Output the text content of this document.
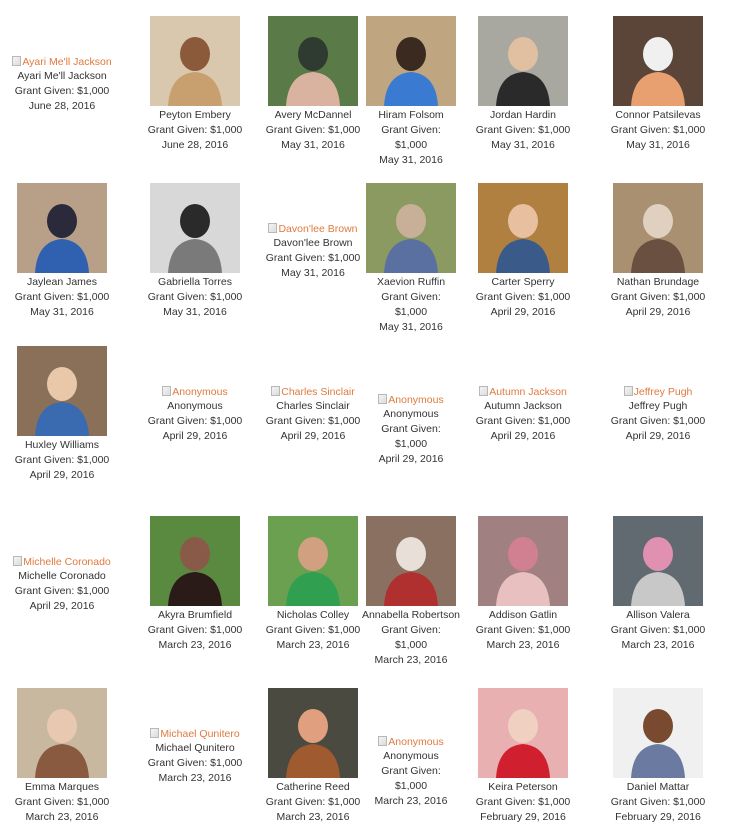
Ayari Me'll Jackson
Ayari Me'll Jackson
Grant Given: $1,000
June 28, 2016
Peyton Embery
Grant Given: $1,000
June 28, 2016
Avery McDannel
Grant Given: $1,000
May 31, 2016
Hiram Folsom
Grant Given: $1,000
May 31, 2016
Jordan Hardin
Grant Given: $1,000
May 31, 2016
Connor Patsilevas
Grant Given: $1,000
May 31, 2016
Jaylean James
Grant Given: $1,000
May 31, 2016
Gabriella Torres
Grant Given: $1,000
May 31, 2016
Davon'lee Brown
Davon'lee Brown
Grant Given: $1,000
May 31, 2016
Xaevion Ruffin
Grant Given: $1,000
May 31, 2016
Carter Sperry
Grant Given: $1,000
April 29, 2016
Nathan Brundage
Grant Given: $1,000
April 29, 2016
Huxley Williams
Grant Given: $1,000
April 29, 2016
Anonymous
Anonymous
Grant Given: $1,000
April 29, 2016
Charles Sinclair
Charles Sinclair
Grant Given: $1,000
April 29, 2016
Anonymous
Anonymous
Grant Given: $1,000
April 29, 2016
Autumn Jackson
Autumn Jackson
Grant Given: $1,000
April 29, 2016
Jeffrey Pugh
Jeffrey Pugh
Grant Given: $1,000
April 29, 2016
Michelle Coronado
Michelle Coronado
Grant Given: $1,000
April 29, 2016
Akyra Brumfield
Grant Given: $1,000
March 23, 2016
Nicholas Colley
Grant Given: $1,000
March 23, 2016
Annabella Robertson
Grant Given: $1,000
March 23, 2016
Addison Gatlin
Grant Given: $1,000
March 23, 2016
Allison Valera
Grant Given: $1,000
March 23, 2016
Emma Marques
Grant Given: $1,000
March 23, 2016
Michael Qunitero
Michael Qunitero
Grant Given: $1,000
March 23, 2016
Catherine Reed
Grant Given: $1,000
March 23, 2016
Anonymous
Anonymous
Grant Given: $1,000
March 23, 2016
Keira Peterson
Grant Given: $1,000
February 29, 2016
Daniel Mattar
Grant Given: $1,000
February 29, 2016
